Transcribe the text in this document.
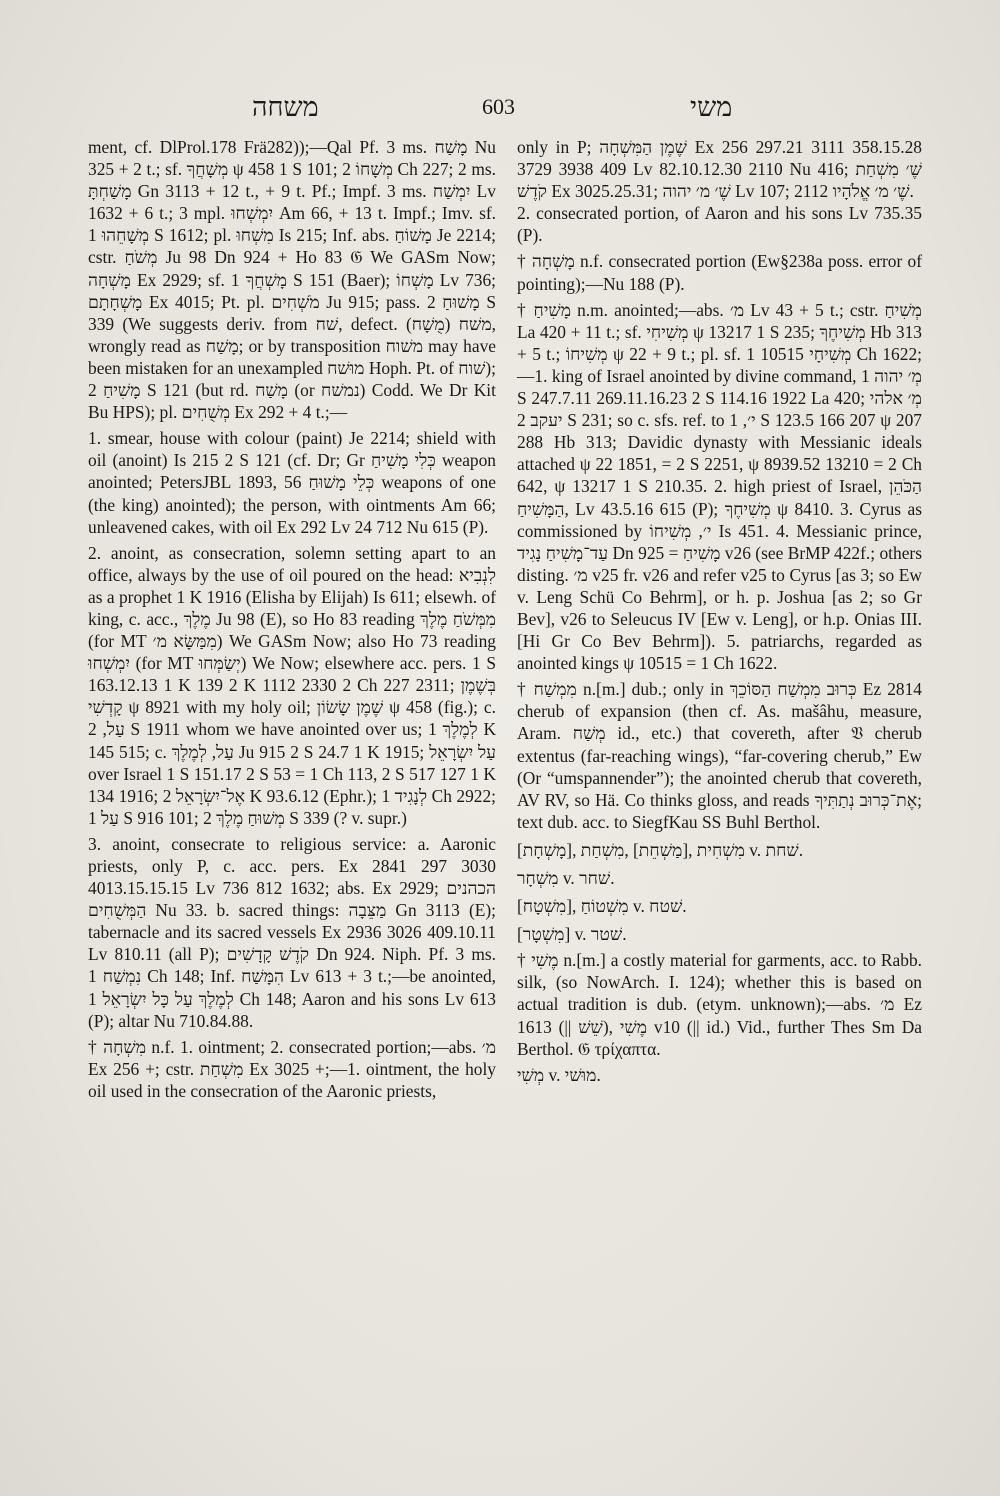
משחה	603	משי

ment, cf. DlProl.178 Frä282));—Qal Pf. 3 ms. מָשַׁח Nu 325 + 2 t.; sf. מְשָׁחֲךָ ψ 458 1 S 101; מְשָׁחוֹ 2 Ch 227; 2 ms. מָשַׁחְתָּ Gn 3113 + 12 t., + 9 t. Pf.; Impf. 3 ms. יִמְשַׁח Lv 1632 + 6 t.; 3 mpl. יִמְשְׁחוּ Am 66, + 13 t. Impf.; Imv. sf. מְשָׁחֵהוּ 1 S 1612; pl. מִשְׁחוּ Is 215; Inf. abs. מָשׁוֹחַ Je 2214; cstr. מְשֹׁחַ Ju 98 Dn 924 + Ho 83 𝔊 We GASm Now; מָשְׁחָה Ex 2929; sf. מָשְׁחֲךָ 1 S 151 (Baer); מָשְׁחוֹ Lv 736; מָשְׁחָתָם Ex 4015; Pt. pl. מֹשְׁחִים Ju 915; pass. מָשׁוּחַ 2 S 339 (We suggests deriv. from שׁח, defect. משׁח (מֻשָׁח), wrongly read as מָשַׁח; or by transposition משׁוח may have been mistaken for an unexampled מוּשׁח Hoph. Pt. of שׁוח); מָשִׁיחַ 2 S 121 (but rd. מָשַׁח (or נמשׁח) Codd. We Dr Kit Bu HPS); pl. מְשֻׁחִים Ex 292 + 4 t.;—

1. smear, house with colour (paint) Je 2214; shield with oil (anoint) Is 215 2 S 121 (cf. Dr; Gr כְּלִי מָשִׁיחַ weapon anointed; PetersJBL 1893, 56 כְּלֵי מָשׁוּחַ weapons of one (the king) anointed); the person, with ointments Am 66; unleavened cakes, with oil Ex 292 Lv 24 712 Nu 615 (P).

2. anoint, as consecration, solemn setting apart to an office, always by the use of oil poured on the head: לִנְבִיא as a prophet 1 K 1916 (Elisha by Elijah) Is 611; elsewh. of king, c. acc., מֶלֶךְ Ju 98 (E), so Ho 83 reading מִמְּשֹׁחַ מֶלֶךְ (for MT מִמַּשָּׂא מ׳) We GASm Now; also Ho 73 reading יִמְשְׁחוּ (for MT יְשַׂמְּחוּ) We Now; elsewhere acc. pers. 1 S 163.12.13 1 K 139 2 K 1112 2330 2 Ch 227 2311; בְּשֶׁמֶן קָדְשִׁי ψ 8921 with my holy oil; שֶׁמֶן שָׂשׂוֹן ψ 458 (fig.); c. עַל, 2 S 1911 whom we have anointed over us; לְמֶלֶךְ 1 K 145 515; c. עַל, לְמֶלֶךְ Ju 915 2 S 24.7 1 K 1915; עַל יִשְׂרָאֵל over Israel 1 S 151.17 2 S 53 = 1 Ch 113, 2 S 517 127 1 K 134 1916; אֶל־יִשְׂרָאֵל 2 K 93.6.12 (Ephr.); לְנָגִיד 1 Ch 2922; עַל 1 S 916 101; מְשׁוּחַ מֶלֶךְ 2 S 339 (? v. supr.)

3. anoint, consecrate to religious service: a. Aaronic priests, only P, c. acc. pers. Ex 2841 297 3030 4013.15.15.15 Lv 736 812 1632; abs. Ex 2929; הכהנים הַמְּשֻׁחִים Nu 33. b. sacred things: מַצֵּבָה Gn 3113 (E); tabernacle and its sacred vessels Ex 2936 3026 409.10.11 Lv 810.11 (all P); קֹדֶשׁ קָדָשִׁים Dn 924. Niph. Pf. 3 ms. נִמְשַׁח 1 Ch 148; Inf. הִמָּשַׁח Lv 613 + 3 t.;—be anointed, לְמֶלֶךְ עַל כָּל יִשְׂרָאֵל 1 Ch 148; Aaron and his sons Lv 613 (P); altar Nu 710.84.88.

† מִשְׁחָה n.f. 1. ointment; 2. consecrated portion;—abs. מ׳ Ex 256 +; cstr. מִשְׁחַת Ex 3025 +;—1. ointment, the holy oil used in the consecration of the Aaronic priests,

only in P; שֶׁמֶן הַמִּשְׁחָה Ex 256 297.21 3111 358.15.28 3729 3938 409 Lv 82.10.12.30 2110 Nu 416; שֶׁ׳ מִשְׁחַת קֹדֶשׁ Ex 3025.25.31; שֶׁ׳ מ׳ יהוה Lv 107; שֶׁ׳ מ׳ אֱלֹהָיו 2112.

2. consecrated portion, of Aaron and his sons Lv 735.35 (P).

† מָשְׁחָה n.f. consecrated portion (Ew§238a poss. error of pointing);—Nu 188 (P).

† מָשִׁיחַ n.m. anointed;—abs. מ׳ Lv 43 + 5 t.; cstr. מְשִׁיחַ La 420 + 11 t.; sf. מְשִׁיחִי ψ 13217 1 S 235; מְשִׁיחֶךָ Hb 313 + 5 t.; מְשִׁיחוֹ ψ 22 + 9 t.; pl. sf. מְשִׁיחָי 10515 1 Ch 1622;—1. king of Israel anointed by divine command, מְ׳ יהוה 1 S 247.7.11 269.11.16.23 2 S 114.16 1922 La 420; מְ׳ אלהי יעקב 2 S 231; so c. sfs. ref. to י׳, 1 S 123.5 166 207 ψ 207 288 Hb 313; Davidic dynasty with Messianic ideals attached ψ 22 1851, = 2 S 2251, ψ 8939.52 13210 = 2 Ch 642, ψ 13217 1 S 210.35. 2. high priest of Israel, הַכֹּהֵן הַמָּשִׁיחַ, Lv 43.5.16 615 (P); מְשִׁיחֶךָ ψ 8410. 3. Cyrus as commissioned by י׳, מְשִׁיחוֹ Is 451. 4. Messianic prince, עַד־מָשִׁיחַ נָגִיד Dn 925 = מָשִׁיחַ v26 (see BrMP 422f.; others disting. מ׳ v25 fr. v26 and refer v25 to Cyrus [as 3; so Ew v. Leng Schü Co Behrm], or h. p. Joshua [as 2; so Gr Bev], v26 to Seleucus IV [Ew v. Leng], or h.p. Onias III. [Hi Gr Co Bev Behrm]). 5. patriarchs, regarded as anointed kings ψ 10515 = 1 Ch 1622.

† מִמְשַׁח n.[m.] dub.; only in כְּרוּב מִמְשַׁח הַסּוֹכֵךְ Ez 2814 cherub of expansion (then cf. As. mašâhu, measure, Aram. מְשַׁח id., etc.) that covereth, after 𝔙 cherub extentus (far-reaching wings), “far-covering cherub,” Ew (Or “umspannender”); the anointed cherub that covereth, AV RV, so Hä. Co thinks gloss, and reads אֶת־כְּרוּב נְתַתִּיךָ; text dub. acc. to SiegfKau SS Buhl Berthol.

מִשְׁחִית ,[מַשְׁחֵת] ,מִשְׁחַת ,[מָשְׁחָת] v. שׁחת.

מִשְׁחָר v. שׁחר.

מִשְׁטוֹחַ ,[מִשְׁטָח] v. שׁטח.

[מִשְׁטָר] v. שׁטר.

† מֶשִׁי n.[m.] a costly material for garments, acc. to Rabb. silk, (so NowArch. I. 124); whether this is based on actual tradition is dub. (etym. unknown);—abs. מ׳ Ez 1613 (|| שֵׁשׁ), מֶשִׁי v10 (|| id.) Vid., further Thes Sm Da Berthol. 𝔊 τρίχαπτα.

מְשִׁי v. מוּשׁי.
